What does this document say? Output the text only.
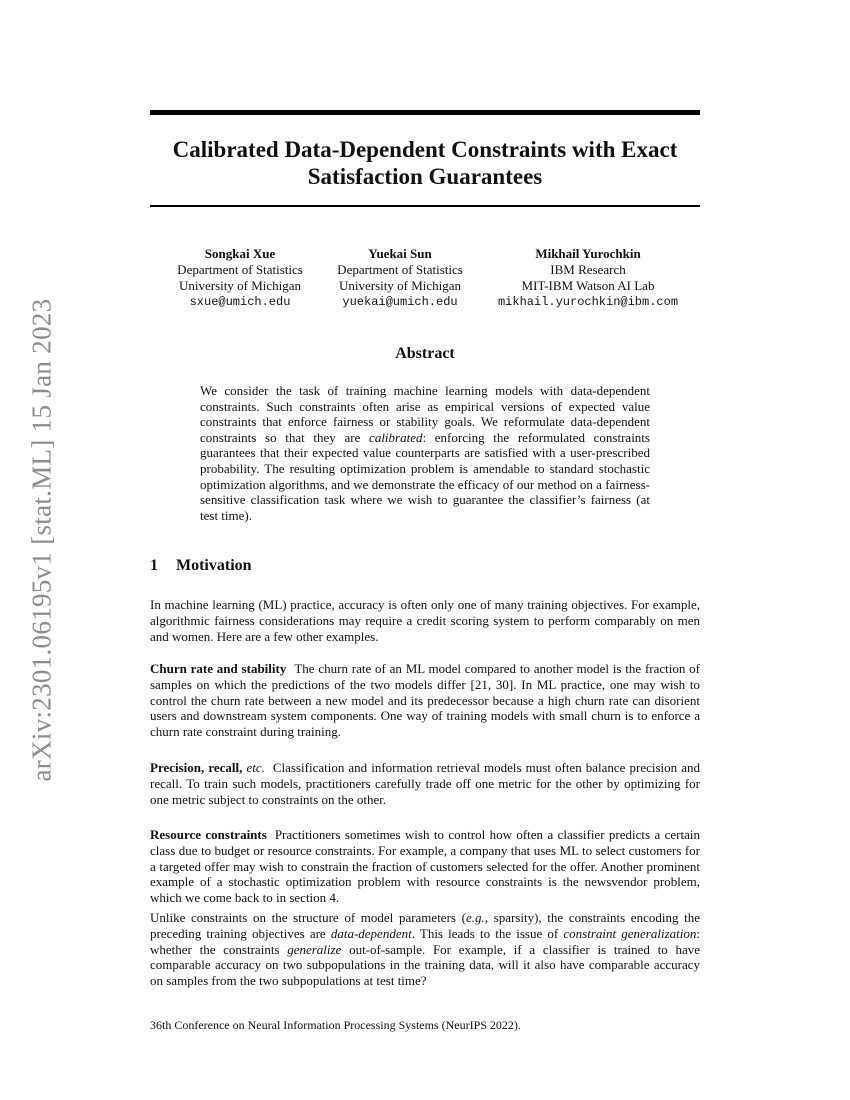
arXiv:2301.06195v1 [stat.ML] 15 Jan 2023
Calibrated Data-Dependent Constraints with Exact
Satisfaction Guarantees
Songkai Xue
Department of Statistics
University of Michigan
sxue@umich.edu
Yuekai Sun
Department of Statistics
University of Michigan
yuekai@umich.edu
Mikhail Yurochkin
IBM Research
MIT-IBM Watson AI Lab
mikhail.yurochkin@ibm.com
Abstract
We consider the task of training machine learning models with data-dependent constraints. Such constraints often arise as empirical versions of expected value constraints that enforce fairness or stability goals. We reformulate data-dependent constraints so that they are calibrated: enforcing the reformulated constraints guarantees that their expected value counterparts are satisfied with a user-prescribed probability. The resulting optimization problem is amendable to standard stochastic optimization algorithms, and we demonstrate the efficacy of our method on a fairness-sensitive classification task where we wish to guarantee the classifier’s fairness (at test time).
1 Motivation
In machine learning (ML) practice, accuracy is often only one of many training objectives. For example, algorithmic fairness considerations may require a credit scoring system to perform comparably on men and women. Here are a few other examples.
Churn rate and stability The churn rate of an ML model compared to another model is the fraction of samples on which the predictions of the two models differ [21, 30]. In ML practice, one may wish to control the churn rate between a new model and its predecessor because a high churn rate can disorient users and downstream system components. One way of training models with small churn is to enforce a churn rate constraint during training.
Precision, recall, etc. Classification and information retrieval models must often balance precision and recall. To train such models, practitioners carefully trade off one metric for the other by optimizing for one metric subject to constraints on the other.
Resource constraints Practitioners sometimes wish to control how often a classifier predicts a certain class due to budget or resource constraints. For example, a company that uses ML to select customers for a targeted offer may wish to constrain the fraction of customers selected for the offer. Another prominent example of a stochastic optimization problem with resource constraints is the newsvendor problem, which we come back to in section 4.
Unlike constraints on the structure of model parameters (e.g., sparsity), the constraints encoding the preceding training objectives are data-dependent. This leads to the issue of constraint generalization: whether the constraints generalize out-of-sample. For example, if a classifier is trained to have comparable accuracy on two subpopulations in the training data, will it also have comparable accuracy on samples from the two subpopulations at test time?
36th Conference on Neural Information Processing Systems (NeurIPS 2022).
